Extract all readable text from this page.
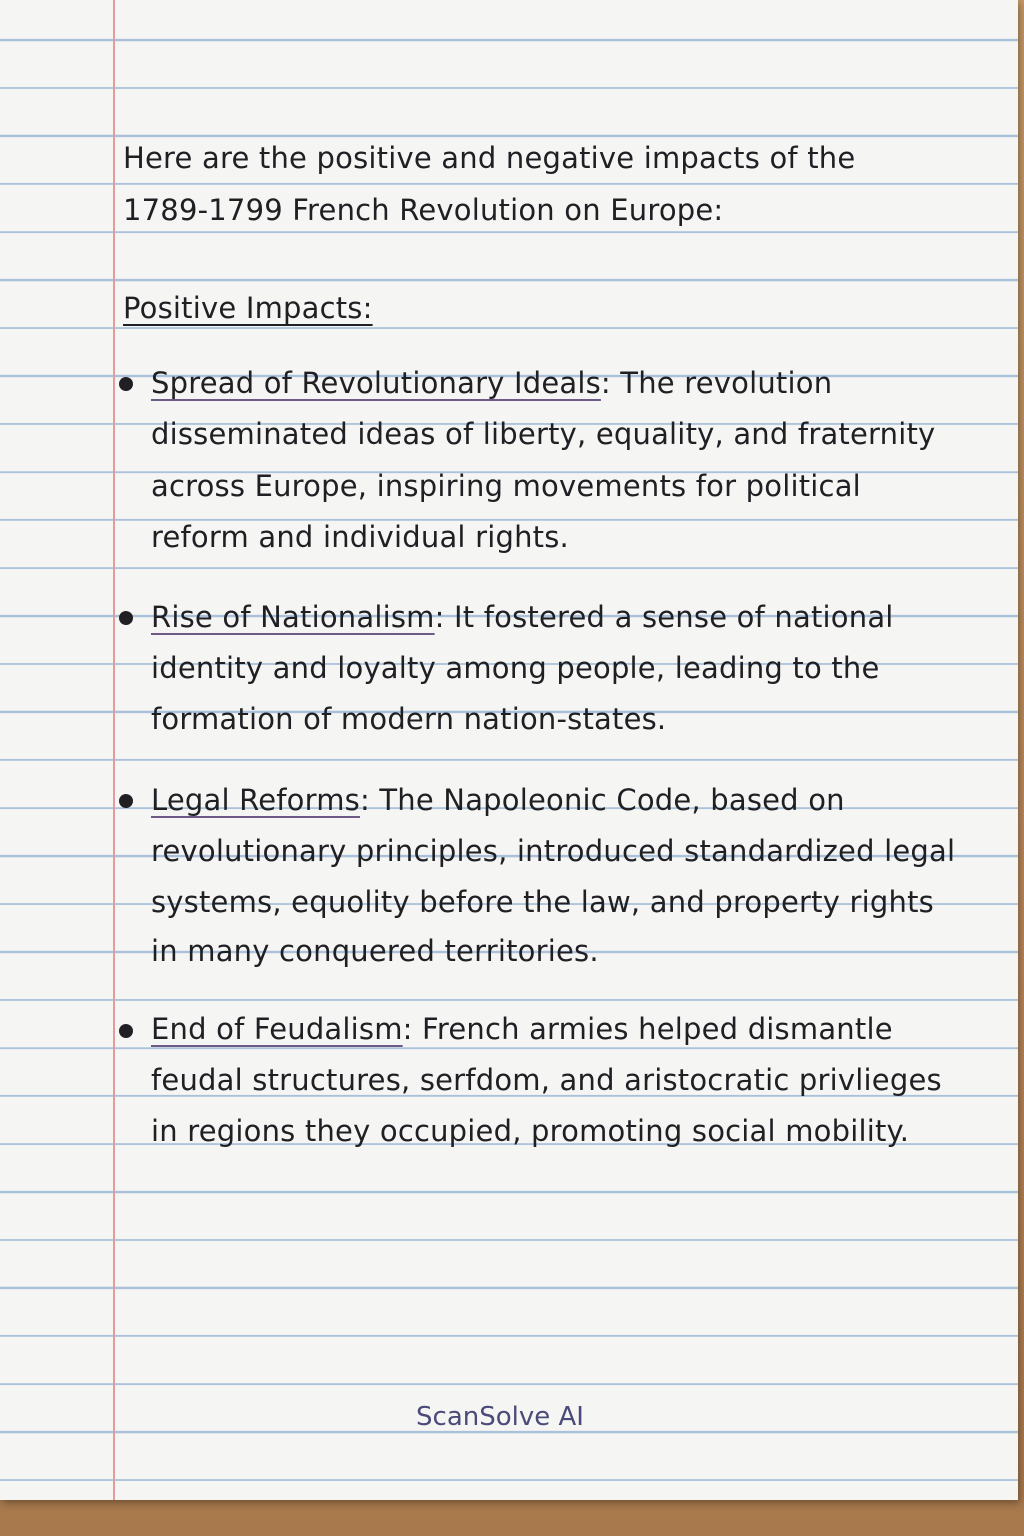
Here are the positive and negative impacts of the
1789-1799 French Revolution on Europe:
Positive Impacts:
Spread of Revolutionary Ideals: The revolution
disseminated ideas of liberty, equality, and fraternity
across Europe, inspiring movements for political
reform and individual rights.
Rise of Nationalism: It fostered a sense of national
identity and loyalty among people, leading to the
formation of modern nation-states.
Legal Reforms: The Napoleonic Code, based on
revolutionary principles, introduced standardized legal
systems, equolity before the law, and property rights
in many conquered territories.
End of Feudalism: French armies helped dismantle
feudal structures, serfdom, and aristocratic privlieges
in regions they occupied, promoting social mobility.
ScanSolve AI
